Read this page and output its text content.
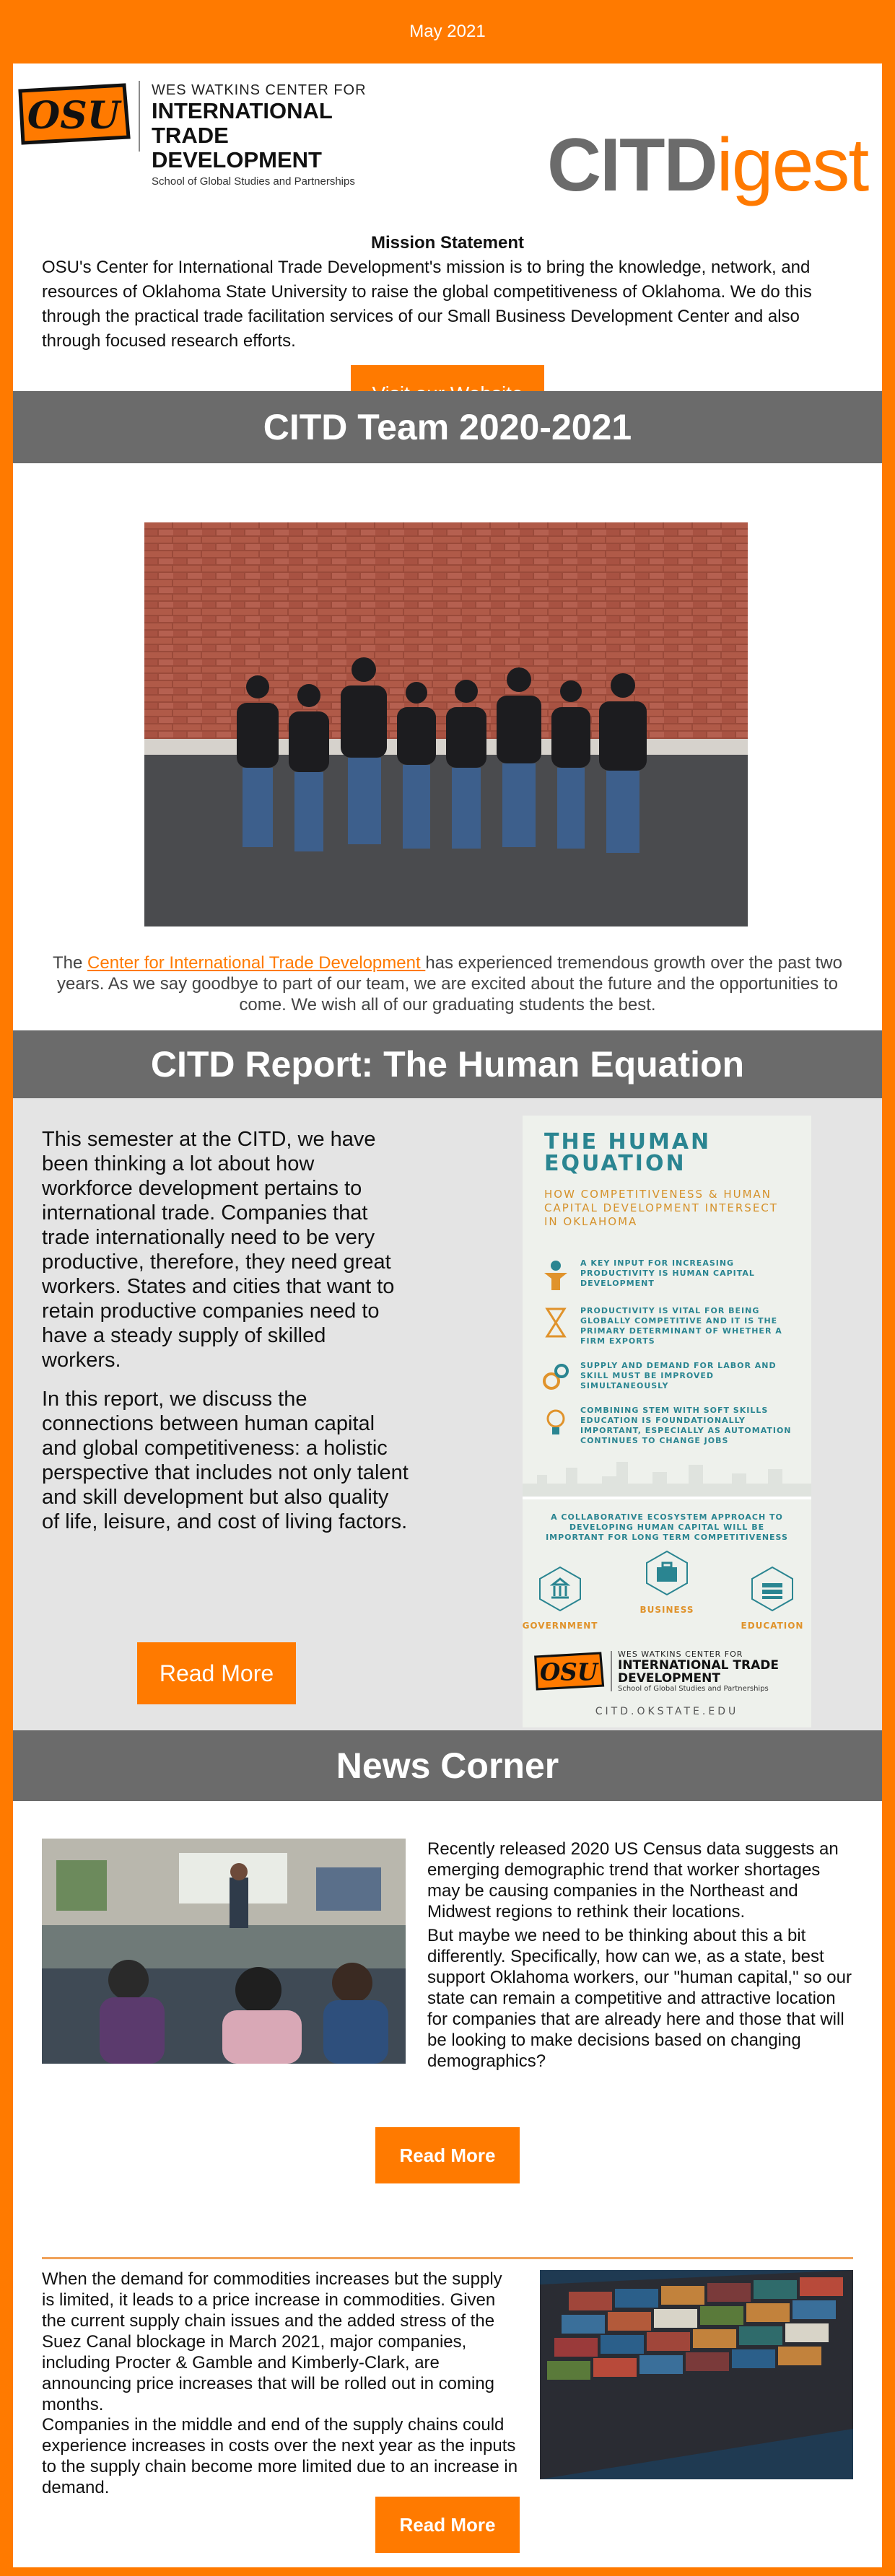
May 2021
OSU
WES WATKINS CENTER FOR
INTERNATIONAL TRADE DEVELOPMENT
School of Global Studies and Partnerships	CITDigest
Mission Statement
OSU's Center for International Trade Development's mission is to bring the knowledge, network, and resources of Oklahoma State University to raise the global competitiveness of Oklahoma. We do this through the practical trade facilitation services of our Small Business Development Center and also through focused research efforts.
CITD Team 2020-2021
The Center for International Trade Development has experienced tremendous growth over the past two years. As we say goodbye to part of our team, we are excited about the future and the opportunities to come. We wish all of our graduating students the best.
CITD Report: The Human Equation

This semester at the CITD, we have been thinking a lot about how workforce development pertains to international trade. Companies that trade internationally need to be very productive, therefore, they need great workers. States and cities that want to retain productive companies need to have a steady supply of skilled workers.

In this report, we discuss the connections between human capital and global competitiveness: a holistic perspective that includes not only talent and skill development but also quality of life, leisure, and cost of living factors.

Read More
THE HUMAN EQUATION
HOW COMPETITIVENESS & HUMAN CAPITAL DEVELOPMENT INTERSECT IN OKLAHOMA
A KEY INPUT FOR INCREASING PRODUCTIVITY IS HUMAN CAPITAL DEVELOPMENT
PRODUCTIVITY IS VITAL FOR BEING GLOBALLY COMPETITIVE AND IT IS THE PRIMARY DETERMINANT OF WHETHER A FIRM EXPORTS
SUPPLY AND DEMAND FOR LABOR AND SKILL MUST BE IMPROVED SIMULTANEOUSLY
COMBINING STEM WITH SOFT SKILLS EDUCATION IS FOUNDATIONALLY IMPORTANT, ESPECIALLY AS AUTOMATION CONTINUES TO CHANGE JOBS
A COLLABORATIVE ECOSYSTEM APPROACH TO DEVELOPING HUMAN CAPITAL WILL BE IMPORTANT FOR LONG TERM COMPETITIVENESS
GOVERNMENT
BUSINESS
EDUCATION
OSU
WES WATKINS CENTER FOR
INTERNATIONAL TRADE DEVELOPMENT
School of Global Studies and Partnerships
CITD.OKSTATE.EDU
News Corner

Recently released 2020 US Census data suggests an emerging demographic trend that worker shortages may be causing companies in the Northeast and Midwest regions to rethink their locations.

But maybe we need to be thinking about this a bit differently. Specifically, how can we, as a state, best support Oklahoma workers, our "human capital," so our state can remain a competitive and attractive location for companies that are already here and those that will be looking to make decisions based on changing demographics?

Read More

When the demand for commodities increases but the supply is limited, it leads to a price increase in commodities. Given the current supply chain issues and the added stress of the Suez Canal blockage in March 2021, major companies, including Procter & Gamble and Kimberly-Clark, are announcing price increases that will be rolled out in coming months.

Companies in the middle and end of the supply chains could experience increases in costs over the next year as the inputs to the supply chain become more limited due to an increase in demand.

Read More
